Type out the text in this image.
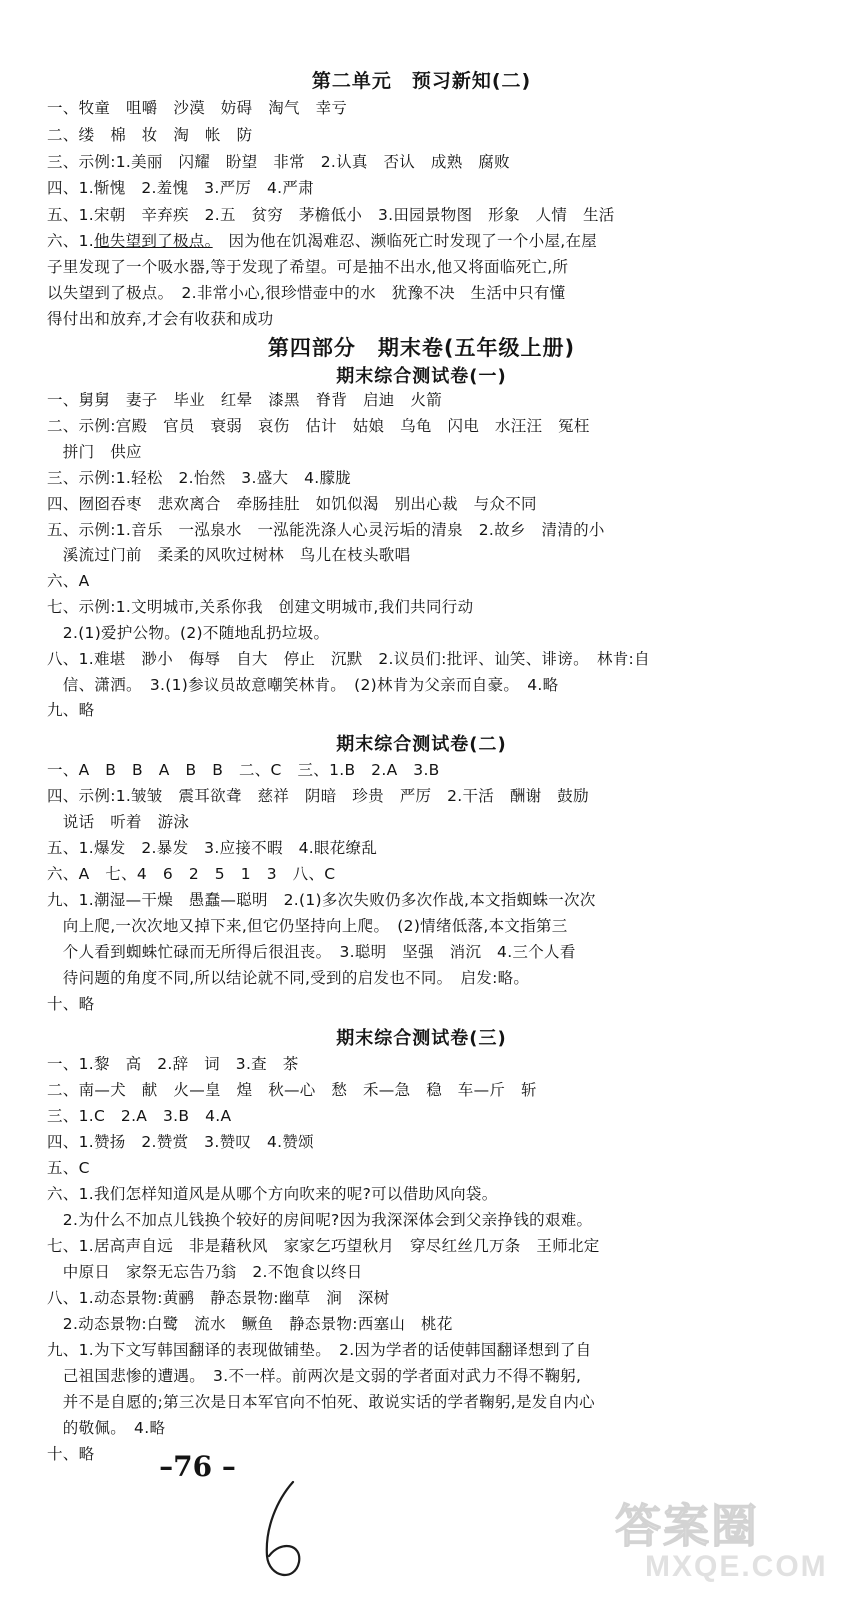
第二单元　预习新知(二)
一、牧童　咀嚼　沙漠　妨碍　淘气　幸亏
二、缕　棉　妆　淘　帐　防
三、示例:1.美丽　闪耀　盼望　非常　2.认真　否认　成熟　腐败
四、1.惭愧　2.羞愧　3.严厉　4.严肃
五、1.宋朝　辛弃疾　2.五　贫穷　茅檐低小　3.田园景物图　形象　人情　生活
六、1.他失望到了极点。　因为他在饥渴难忍、濒临死亡时发现了一个小屋,在屋
子里发现了一个吸水器,等于发现了希望。可是抽不出水,他又将面临死亡,所
以失望到了极点。　2.非常小心,很珍惜壶中的水　犹豫不决　生活中只有懂
得付出和放弃,才会有收获和成功
第四部分　期末卷(五年级上册)
期末综合测试卷(一)
一、舅舅　妻子　毕业　红晕　漆黑　脊背　启迪　火箭
二、示例:宫殿　官员　衰弱　哀伤　估计　姑娘　乌龟　闪电　水汪汪　冤枉
　拼门　供应
三、示例:1.轻松　2.怡然　3.盛大　4.朦胧
四、囫囵吞枣　悲欢离合　牵肠挂肚　如饥似渴　别出心裁　与众不同
五、示例:1.音乐　一泓泉水　一泓能洗涤人心灵污垢的清泉　2.故乡　清清的小
　溪流过门前　柔柔的风吹过树林　鸟儿在枝头歌唱
六、A
七、示例:1.文明城市,关系你我　创建文明城市,我们共同行动
　2.(1)爱护公物。(2)不随地乱扔垃圾。
八、1.难堪　渺小　侮辱　自大　停止　沉默　2.议员们:批评、讪笑、诽谤。　林肯:自
　信、潇洒。　3.(1)参议员故意嘲笑林肯。　(2)林肯为父亲而自豪。　4.略
九、略
期末综合测试卷(二)
一、A　B　B　A　B　B　二、C　三、1.B　2.A　3.B
四、示例:1.皱皱　震耳欲聋　慈祥　阴暗　珍贵　严厉　2.干活　酬谢　鼓励
　说话　听着　游泳
五、1.爆发　2.暴发　3.应接不暇　4.眼花缭乱
六、A　七、4　6　2　5　1　3　八、C
九、1.潮湿—干燥　愚蠢—聪明　2.(1)多次失败仍多次作战,本文指蜘蛛一次次
　向上爬,一次次地又掉下来,但它仍坚持向上爬。　(2)情绪低落,本文指第三
　个人看到蜘蛛忙碌而无所得后很沮丧。　3.聪明　坚强　消沉　4.三个人看
　待问题的角度不同,所以结论就不同,受到的启发也不同。　启发:略。
十、略
期末综合测试卷(三)
一、1.黎　高　2.辞　词　3.查　茶
二、南—犬　献　火—皇　煌　秋—心　愁　禾—急　稳　车—斤　斩
三、1.C　2.A　3.B　4.A
四、1.赞扬　2.赞赏　3.赞叹　4.赞颂
五、C
六、1.我们怎样知道风是从哪个方向吹来的呢?可以借助风向袋。
　2.为什么不加点儿钱换个较好的房间呢?因为我深深体会到父亲挣钱的艰难。
七、1.居高声自远　非是藉秋风　家家乞巧望秋月　穿尽红丝几万条　王师北定
　中原日　家祭无忘告乃翁　2.不饱食以终日
八、1.动态景物:黄鹂　静态景物:幽草　涧　深树
　2.动态景物:白鹭　流水　鳜鱼　静态景物:西塞山　桃花
九、1.为下文写韩国翻译的表现做铺垫。　2.因为学者的话使韩国翻译想到了自
　己祖国悲惨的遭遇。　3.不一样。前两次是文弱的学者面对武力不得不鞠躬,
　并不是自愿的;第三次是日本军官向不怕死、敢说实话的学者鞠躬,是发自内心
　的敬佩。　4.略
十、略	–76 –
答案圈
MXQE.COM
